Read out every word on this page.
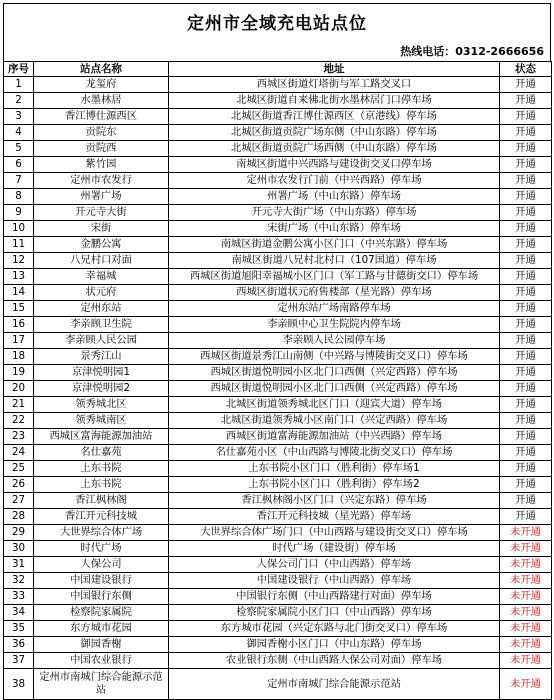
定州市全域充电站点位
热线电话：0312-2666656
序号	站点名称	地址	状态
1	龙玺府	西城区街道灯塔街与军工路交叉口	开通
2	水墨林居	北城区街道自来佛北街水墨林居门口停车场	开通
3	香江博仕源西区	北城区街道香江博仕源西区（京港线）停车场	开通
4	贡院东	北城区街道贡院广场东侧（中山东路）停车场	开通
5	贡院西	北城区街道贡院广场西侧（中山东路）停车场	开通
6	紫竹园	南城区街道中兴西路与建设街交叉口停车场	开通
7	定州市农发行	定州市农发行门前（中兴西路）停车场	开通
8	州署广场	州署广场（中山东路）停车场	开通
9	开元寺大街	开元寺大街广场（中山东路）停车场	开通
10	宋街	宋街广场（中山东路）停车场	开通
11	金鹏公寓	南城区街道金鹏公寓小区门口（中兴东路）停车场	开通
12	八兄村口对面	南城区街道八兄村北村口（107国道）停车场	开通
13	幸福城	西城区街道旭阳幸福城小区门口（军工路与甘德街交口）停车场	开通
14	状元府	西城区街道状元府售楼部（星光路）停车场	开通
15	定州东站	定州东站广场南路停车场	开通
16	李亲顾卫生院	李亲顾中心卫生院院内停车场	开通
17	李亲顾人民公园	李亲顾人民公园停车场	开通
18	景秀江山	西城区街道景秀江山南侧（中兴路与博陵街交叉口）停车场	开通
19	京津悦明园1	西城区街道悦明园小区北门口西侧（兴定西路）停车场	开通
20	京津悦明园2	西城区街道悦明园小区北门口西侧（兴定西路）停车场	开通
21	领秀城北区	北城区街道领秀城北区门口（迎宾大道）停车场	开通
22	领秀城南区	北城区街道领秀城小区南门口（兴定西路）停车场	开通
23	西城区富海能源加油站	西城区街道富海能源加油站（中兴西路）停车场	开通
24	名仕嘉苑	名仕嘉苑小区（中山西路与博陵北街交叉口）停车场	开通
25	上东书院	上东书院小区门口（胜利街）停车场1	开通
26	上东书院	上东书院小区门口（胜利街）停车场2	开通
27	香江枫林阁	香江枫林阁小区门口（兴定东路）停车场	开通
28	香江开元科技城	香江开元科技城（星光路）停车场	开通
29	大世界综合体广场	大世界综合体广场门口（中山西路与建设街交叉口）停车场	未开通
30	时代广场	时代广场（建设街）停车场	未开通
31	人保公司	人保公司门口（中山西路）停车场	未开通
32	中国建设银行	中国建设银行（中山西路）停车场	未开通
33	中国银行东侧	中国银行东侧（中山西路建行对面）停车场	未开通
34	检察院家属院	检察院家属院小区门口（中山西路）停车场	未开通
35	东方城市花园	东方城市花园（兴定东路与北门街交叉口）停车场	未开通
36	御园香榭	御园香榭小区门口（中山东路）停车场	未开通
37	中国农业银行	农业银行东侧（中山西路人保公司对面）停车场	未开通
38	定州市南城门综合能源示范站	定州市南城门综合能源示范站	未开通
